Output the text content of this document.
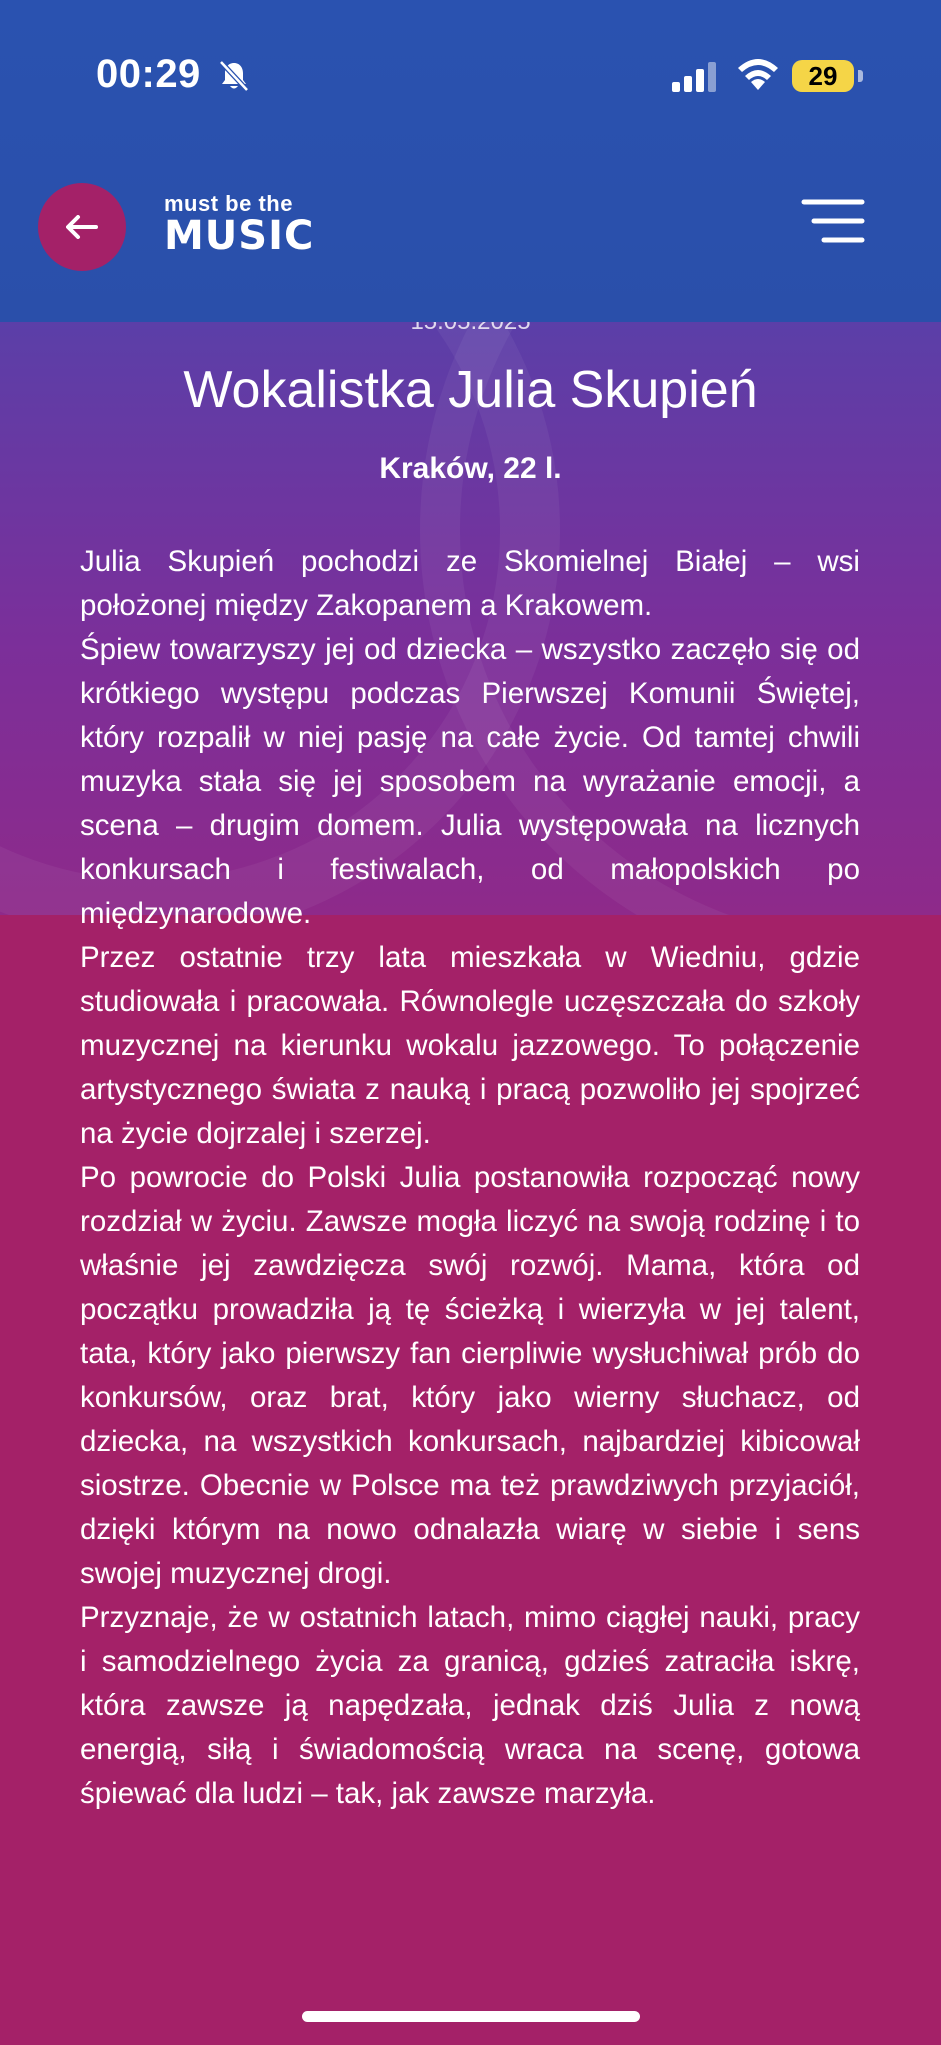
00:29	29
must be the
MUSIC
Wokalistka Julia Skupień
Kraków, 22 l.

Julia Skupień pochodzi ze Skomielnej Białej – wsi położonej między Zakopanem a Krakowem.

Śpiew towarzyszy jej od dziecka – wszystko zaczęło się od krótkiego występu podczas Pierwszej Komunii Świętej, który rozpalił w niej pasję na całe życie. Od tamtej chwili muzyka stała się jej sposobem na wyrażanie emocji, a scena – drugim domem. Julia występowała na licznych konkursach i festiwalach, od małopolskich po międzynarodowe.

Przez ostatnie trzy lata mieszkała w Wiedniu, gdzie studiowała i pracowała. Równolegle uczęszczała do szkoły muzycznej na kierunku wokalu jazzowego. To połączenie artystycznego świata z nauką i pracą pozwoliło jej spojrzeć na życie dojrzalej i szerzej.

Po powrocie do Polski Julia postanowiła rozpocząć nowy rozdział w życiu. Zawsze mogła liczyć na swoją rodzinę i to właśnie jej zawdzięcza swój rozwój. Mama, która od początku prowadziła ją tę ścieżką i wierzyła w jej talent, tata, który jako pierwszy fan cierpliwie wysłuchiwał prób do konkursów, oraz brat, który jako wierny słuchacz, od dziecka, na wszystkich konkursach, najbardziej kibicował siostrze. Obecnie w Polsce ma też prawdziwych przyjaciół, dzięki którym na nowo odnalazła wiarę w siebie i sens swojej muzycznej drogi.

Przyznaje, że w ostatnich latach, mimo ciągłej nauki, pracy i samodzielnego życia za granicą, gdzieś zatraciła iskrę, która zawsze ją napędzała, jednak dziś Julia z nową energią, siłą i świadomością wraca na scenę, gotowa śpiewać dla ludzi – tak, jak zawsze marzyła.
